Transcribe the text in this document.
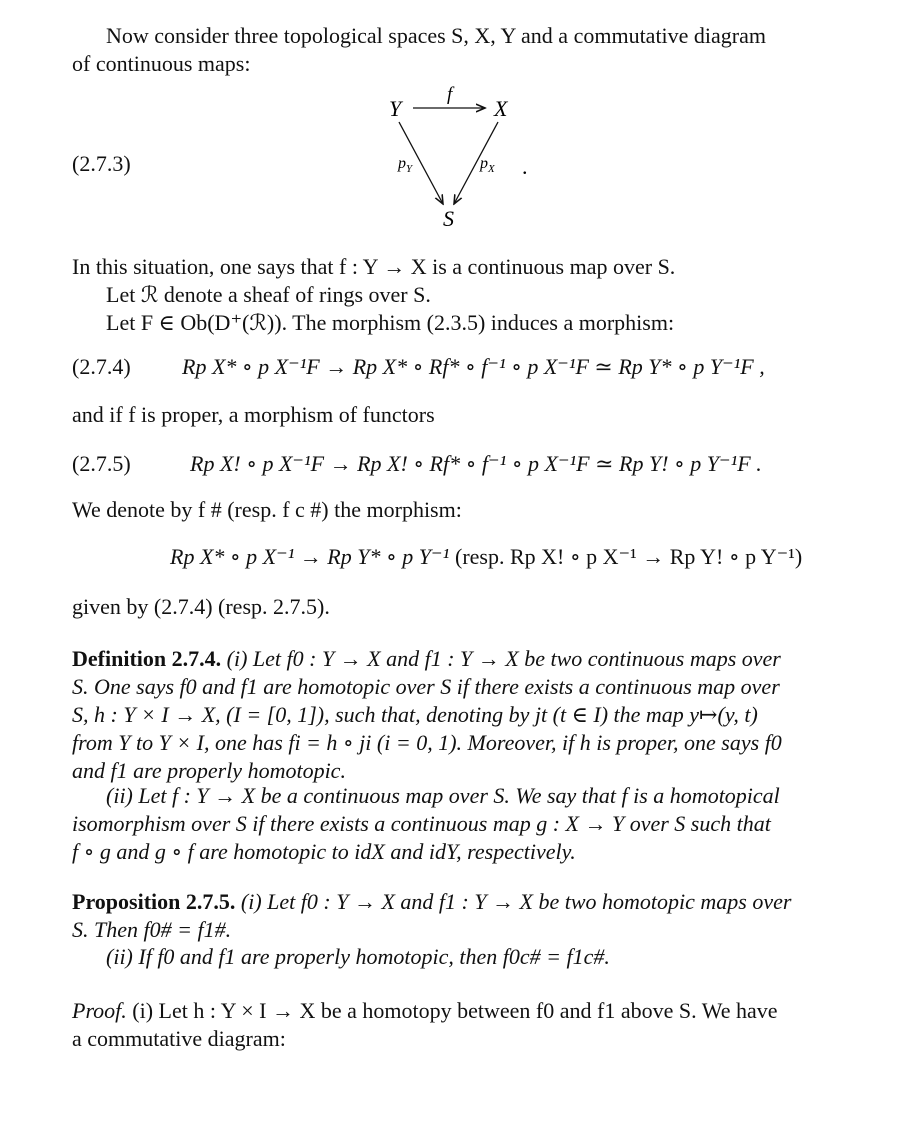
Now consider three topological spaces S, X, Y and a commutative diagram
of continuous maps:
(2.7.3)
Y	X
S
f
$p_Y$	$p_X$ .
In this situation, one says that f : Y → X is a continuous map over S.
Let ℛ denote a sheaf of rings over S.
Let F ∈ Ob(D⁺(ℛ)). The morphism (2.3.5) induces a morphism:
(2.7.4) Rp X* ∘ p X⁻¹F → Rp X* ∘ Rf* ∘ f⁻¹ ∘ p X⁻¹F ≃ Rp Y* ∘ p Y⁻¹F ,
and if f is proper, a morphism of functors
(2.7.5)	Rp X! ∘ p X⁻¹F → Rp X! ∘ Rf* ∘ f⁻¹ ∘ p X⁻¹F ≃ Rp Y! ∘ p Y⁻¹F .
We denote by f # (resp. f c #) the morphism:
Rp X* ∘ p X⁻¹ → Rp Y* ∘ p Y⁻¹ (resp. Rp X! ∘ p X⁻¹ → Rp Y! ∘ p Y⁻¹)
given by (2.7.4) (resp. 2.7.5).
Definition 2.7.4. (i) Let f0 : Y → X and f1 : Y → X be two continuous maps over
S. One says f0 and f1 are homotopic over S if there exists a continuous map over
S, h : Y × I → X, (I = [0, 1]), such that, denoting by jt (t ∈ I) the map y↦(y, t)
from Y to Y × I, one has fi = h ∘ ji (i = 0, 1). Moreover, if h is proper, one says f0
and f1 are properly homotopic.
(ii) Let f : Y → X be a continuous map over S. We say that f is a homotopical
isomorphism over S if there exists a continuous map g : X → Y over S such that
f ∘ g and g ∘ f are homotopic to idX and idY, respectively.
Proposition 2.7.5. (i) Let f0 : Y → X and f1 : Y → X be two homotopic maps over
S. Then f0# = f1#.
(ii) If f0 and f1 are properly homotopic, then f0c# = f1c#.
Proof. (i) Let h : Y × I → X be a homotopy between f0 and f1 above S. We have
a commutative diagram:
